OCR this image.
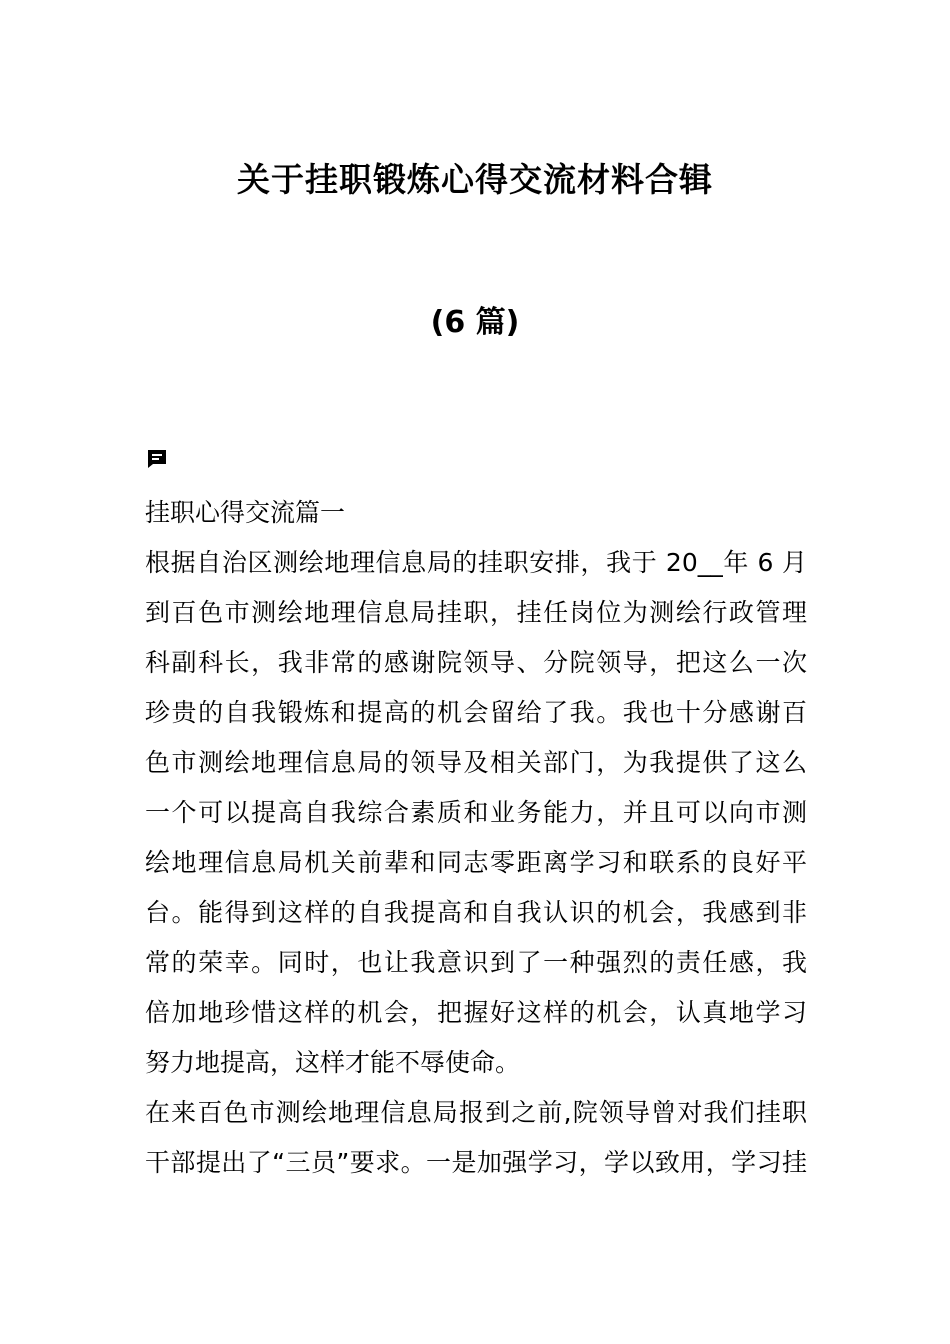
关于挂职锻炼心得交流材料合辑
(6 篇)

挂职心得交流篇一

根据自治区测绘地理信息局的挂职安排，我于 20__年 6 月

到百色市测绘地理信息局挂职，挂任岗位为测绘行政管理

科副科长，我非常的感谢院领导、分院领导，把这么一次

珍贵的自我锻炼和提高的机会留给了我。我也十分感谢百

色市测绘地理信息局的领导及相关部门，为我提供了这么

一个可以提高自我综合素质和业务能力，并且可以向市测

绘地理信息局机关前辈和同志零距离学习和联系的良好平

台。能得到这样的自我提高和自我认识的机会，我感到非

常的荣幸。同时，也让我意识到了一种强烈的责任感，我

倍加地珍惜这样的机会，把握好这样的机会，认真地学习

努力地提高，这样才能不辱使命。

在来百色市测绘地理信息局报到之前,院领导曾对我们挂职

干部提出了“三员”要求。一是加强学习，学以致用，学习挂
